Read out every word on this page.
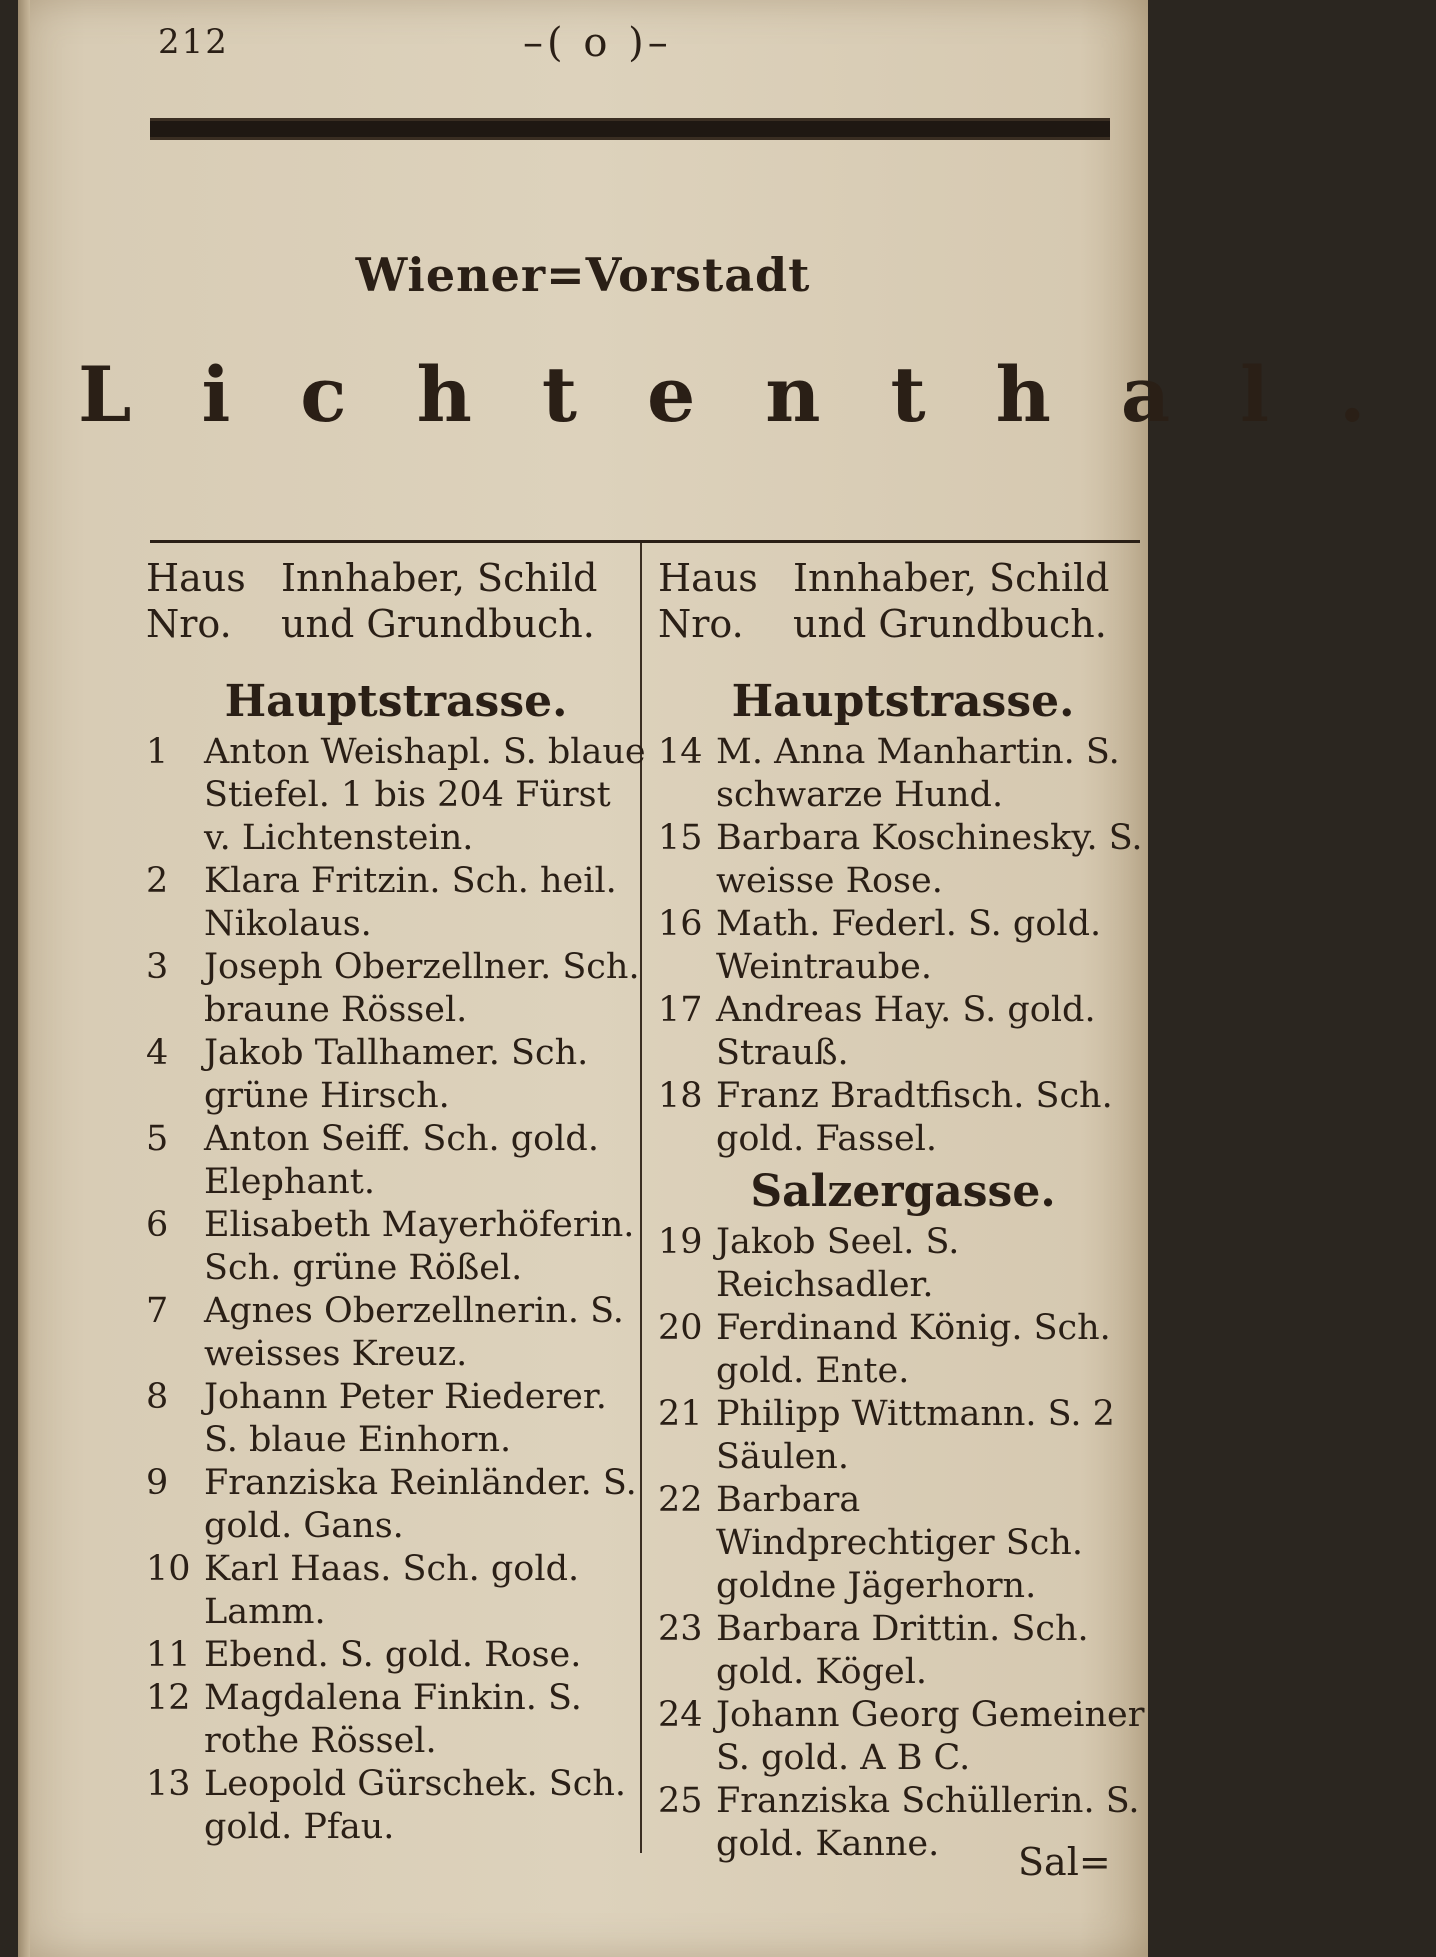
212	–( o )–
Wiener=Vorstadt
Lichtenthal.
Haus Nro.
Innhaber, Schild und Grundbuch.
Hauptstrasse.
1	Anton Weishapl. S. blaue Stiefel. 1 bis 204 Fürst v. Lichtenstein.
2	Klara Fritzin. Sch. heil. Nikolaus.
3	Joseph Oberzellner. Sch. braune Rössel.
4	Jakob Tallhamer. Sch. grüne Hirsch.
5	Anton Seiff. Sch. gold. Elephant.
6	Elisabeth Mayerhöferin. Sch. grüne Rößel.
7	Agnes Oberzellnerin. S. weisses Kreuz.
8	Johann Peter Riederer. S. blaue Einhorn.
9	Franziska Reinländer. S. gold. Gans.
10 Karl Haas. Sch. gold. Lamm.
11 Ebend. S. gold. Rose.
12 Magdalena Finkin. S. rothe Rössel.
13 Leopold Gürschek. Sch. gold. Pfau.
Haus Nro.
Innhaber, Schild und Grundbuch.
Hauptstrasse.
14 M. Anna Manhartin. S. schwarze Hund.
15 Barbara Koschinesky. S. weisse Rose.
16 Math. Federl. S. gold. Weintraube.
17 Andreas Hay. S. gold. Strauß.
18 Franz Bradtfisch. Sch. gold. Fassel.
Salzergasse.
19 Jakob Seel. S. Reichsadler.
20 Ferdinand König. Sch. gold. Ente.
21 Philipp Wittmann. S. 2 Säulen.
22 Barbara Windprechtiger Sch. goldne Jägerhorn.
23 Barbara Drittin. Sch. gold. Kögel.
24 Johann Georg Gemeiner S. gold. A B C.
25 Franziska Schüllerin. S. gold. Kanne.	Sal=
